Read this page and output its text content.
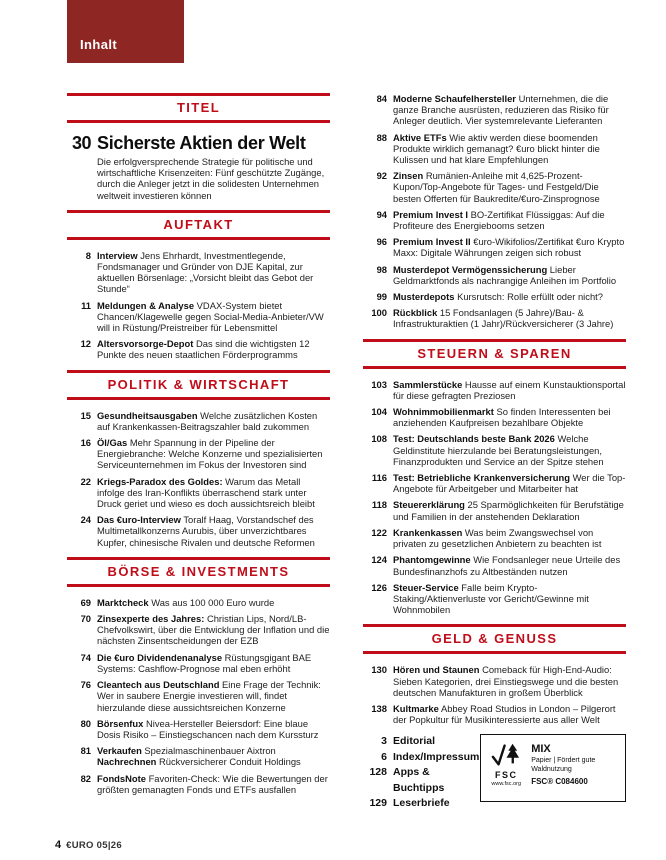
Inhalt
TITEL
30 Sicherste Aktien der Welt
Die erfolgversprechende Strategie für politische und wirtschaftliche Krisenzeiten: Fünf geschützte Zugänge, durch die Anleger jetzt in die solidesten Unternehmen weltweit investieren können
AUFTAKT
8 Interview Jens Ehrhardt, Investmentlegende, Fondsmanager und Gründer von DJE Kapital, zur aktuellen Börsenlage: „Vorsicht bleibt das Gebot der Stunde“
11 Meldungen & Analyse VDAX-System bietet Chancen/Klagewelle gegen Social-Media-Anbieter/VW will in Rüstung/Preistreiber für Lebensmittel
12 Altersvorsorge-Depot Das sind die wichtigsten 12 Punkte des neuen staatlichen Förderprogramms
POLITIK & WIRTSCHAFT
15 Gesundheitsausgaben Welche zusätzlichen Kosten auf Krankenkassen-Beitragszahler bald zukommen
16 Öl/Gas Mehr Spannung in der Pipeline der Energiebranche: Welche Konzerne und spezialisierten Serviceunternehmen im Fokus der Investoren sind
22 Kriegs-Paradox des Goldes: Warum das Metall infolge des Iran-Konflikts überraschend stark unter Druck geriet und wieso es doch aussichtsreich bleibt
24 Das €uro-Interview Toralf Haag, Vorstandschef des Multimetallkonzerns Aurubis, über unverzichtbares Kupfer, chinesische Rivalen und deutsche Reformen
BÖRSE & INVESTMENTS
69 Marktcheck Was aus 100 000 Euro wurde
70 Zinsexperte des Jahres: Christian Lips, Nord/LB-Chefvolkswirt, über die Entwicklung der Inflation und die nächsten Zinsentscheidungen der EZB
74 Die €uro Dividendenanalyse Rüstungsgigant BAE Systems: Cashflow-Prognose mal eben erhöht
76 Cleantech aus Deutschland Eine Frage der Technik: Wer in saubere Energie investieren will, findet hierzulande diese aussichtsreichen Konzerne
80 Börsenfux Nivea-Hersteller Beiersdorf: Eine blaue Dosis Risiko – Einstiegschancen nach dem Kurssturz
81 Verkaufen Spezialmaschinenbauer Aixtron
Nachrechnen Rückversicherer Conduit Holdings
82 FondsNote Favoriten-Check: Wie die Bewertungen der größten gemanagten Fonds und ETFs ausfallen
84 Moderne Schaufelhersteller Unternehmen, die die ganze Branche ausrüsten, reduzieren das Risiko für Anleger deutlich. Vier systemrelevante Lieferanten
88 Aktive ETFs Wie aktiv werden diese boomenden Produkte wirklich gemanagt? €uro blickt hinter die Kulissen und hat klare Empfehlungen
92 Zinsen Rumänien-Anleihe mit 4,625-Prozent-Kupon/Top-Angebote für Tages- und Festgeld/Die besten Offerten für Baukredite/€uro-Zinsprognose
94 Premium Invest I BO-Zertifikat Flüssiggas: Auf die Profiteure des Energiebooms setzen
96 Premium Invest II €uro-Wikifolios/Zertifikat €uro Krypto Maxx: Digitale Währungen zeigen sich robust
98 Musterdepot Vermögenssicherung Lieber Geldmarktfonds als nachrangige Anleihen im Portfolio
99 Musterdepots Kursrutsch: Rolle erfüllt oder nicht?
100 Rückblick 15 Fondsanlagen (5 Jahre)/Bau- & Infrastrukturaktien (1 Jahr)/Rückversicherer (3 Jahre)
STEUERN & SPAREN
103 Sammlerstücke Hausse auf einem Kunstauktionsportal für diese gefragten Preziosen
104 Wohnimmobilienmarkt So finden Interessenten bei anziehenden Kaufpreisen bezahlbare Objekte
108 Test: Deutschlands beste Bank 2026 Welche Geldinstitute hierzulande bei Beratungsleistungen, Finanzprodukten und Service an der Spitze stehen
116 Test: Betriebliche Krankenversicherung Wer die Top-Angebote für Arbeitgeber und Mitarbeiter hat
118 Steuererklärung 25 Sparmöglichkeiten für Berufstätige und Familien in der anstehenden Deklaration
122 Krankenkassen Was beim Zwangswechsel von privaten zu gesetzlichen Anbietern zu beachten ist
124 Phantomgewinne Wie Fondsanleger neue Urteile des Bundesfinanzhofs zu Altbeständen nutzen
126 Steuer-Service Falle beim Krypto-Staking/Aktienverluste vor Gericht/Gewinne mit Wohnmobilen
GELD & GENUSS
130 Hören und Staunen Comeback für High-End-Audio: Sieben Kategorien, drei Einstiegswege und die besten deutschen Manufakturen in großem Überblick
138 Kultmarke Abbey Road Studios in London – Pilgerort der Popkultur für Musikinteressierte aus aller Welt
3 Editorial
6 Index/Impressum
128 Apps & Buchtipps
129 Leserbriefe
FSC
www.fsc.org
MIX
Papier | Fördert gute Waldnutzung
FSC® C084600
4 €URO 05|26
